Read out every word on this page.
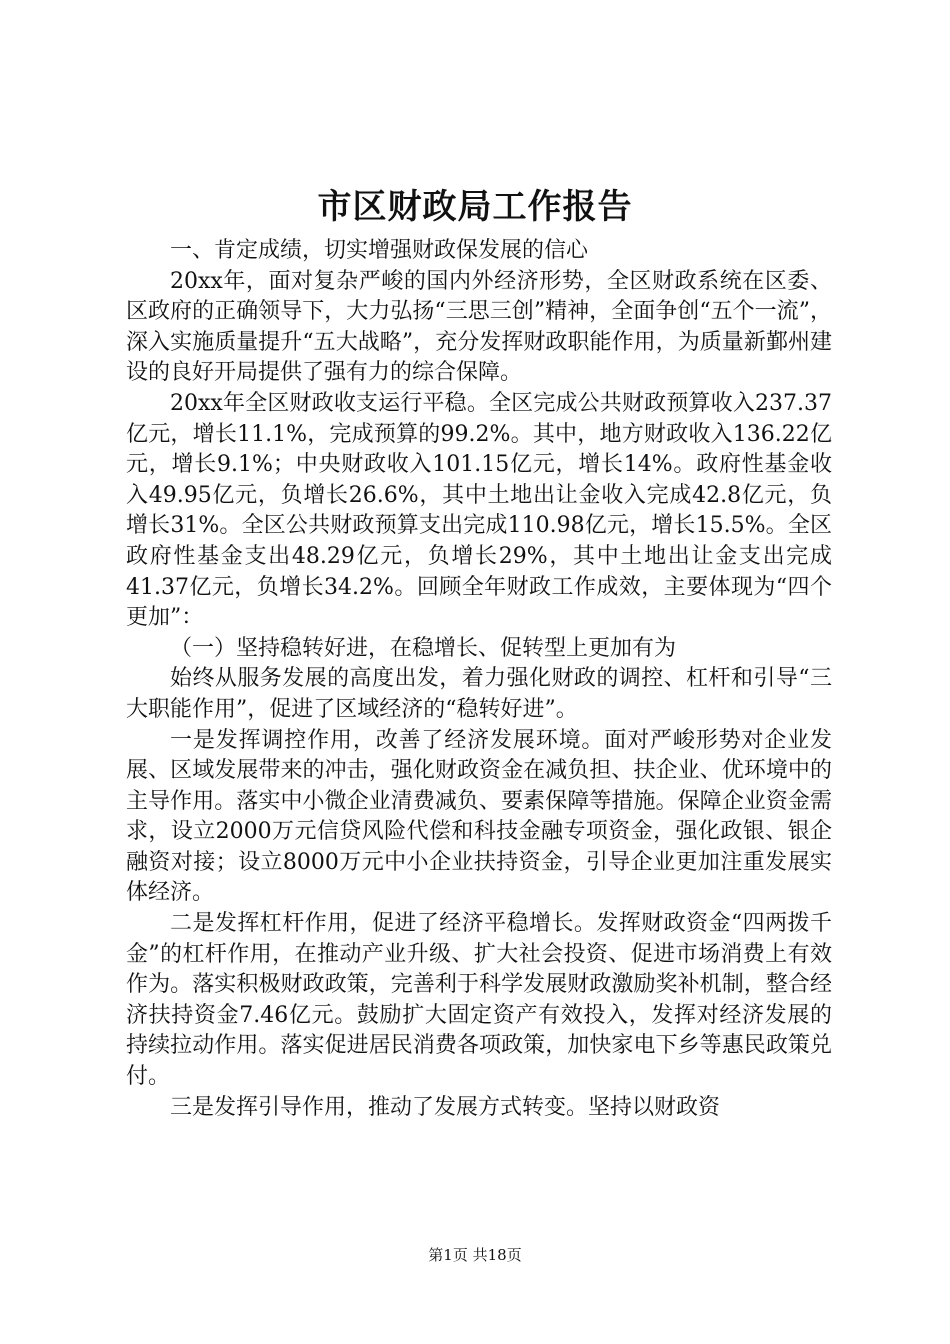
市区财政局工作报告

一、肯定成绩，切实增强财政保发展的信心

20xx年，面对复杂严峻的国内外经济形势，全区财政系统在区委、区政府的正确领导下，大力弘扬“三思三创”精神，全面争创“五个一流”，深入实施质量提升“五大战略”，充分发挥财政职能作用，为质量新鄞州建设的良好开局提供了强有力的综合保障。

20xx年全区财政收支运行平稳。全区完成公共财政预算收入237.37亿元，增长11.1%，完成预算的99.2%。其中，地方财政收入136.22亿元，增长9.1%；中央财政收入101.15亿元，增长14%。政府性基金收入49.95亿元，负增长26.6%，其中土地出让金收入完成42.8亿元，负增长31%。全区公共财政预算支出完成110.98亿元，增长15.5%。全区政府性基金支出48.29亿元，负增长29%，其中土地出让金支出完成41.37亿元，负增长34.2%。回顾全年财政工作成效，主要体现为“四个更加”：

（一）坚持稳转好进，在稳增长、促转型上更加有为

始终从服务发展的高度出发，着力强化财政的调控、杠杆和引导“三大职能作用”，促进了区域经济的“稳转好进”。

一是发挥调控作用，改善了经济发展环境。面对严峻形势对企业发展、区域发展带来的冲击，强化财政资金在减负担、扶企业、优环境中的主导作用。落实中小微企业清费减负、要素保障等措施。保障企业资金需求，设立2000万元信贷风险代偿和科技金融专项资金，强化政银、银企融资对接；设立8000万元中小企业扶持资金，引导企业更加注重发展实体经济。

二是发挥杠杆作用，促进了经济平稳增长。发挥财政资金“四两拨千金”的杠杆作用，在推动产业升级、扩大社会投资、促进市场消费上有效作为。落实积极财政政策，完善利于科学发展财政激励奖补机制，整合经济扶持资金7.46亿元。鼓励扩大固定资产有效投入，发挥对经济发展的持续拉动作用。落实促进居民消费各项政策，加快家电下乡等惠民政策兑付。

三是发挥引导作用，推动了发展方式转变。坚持以财政资

第1页 共18页
